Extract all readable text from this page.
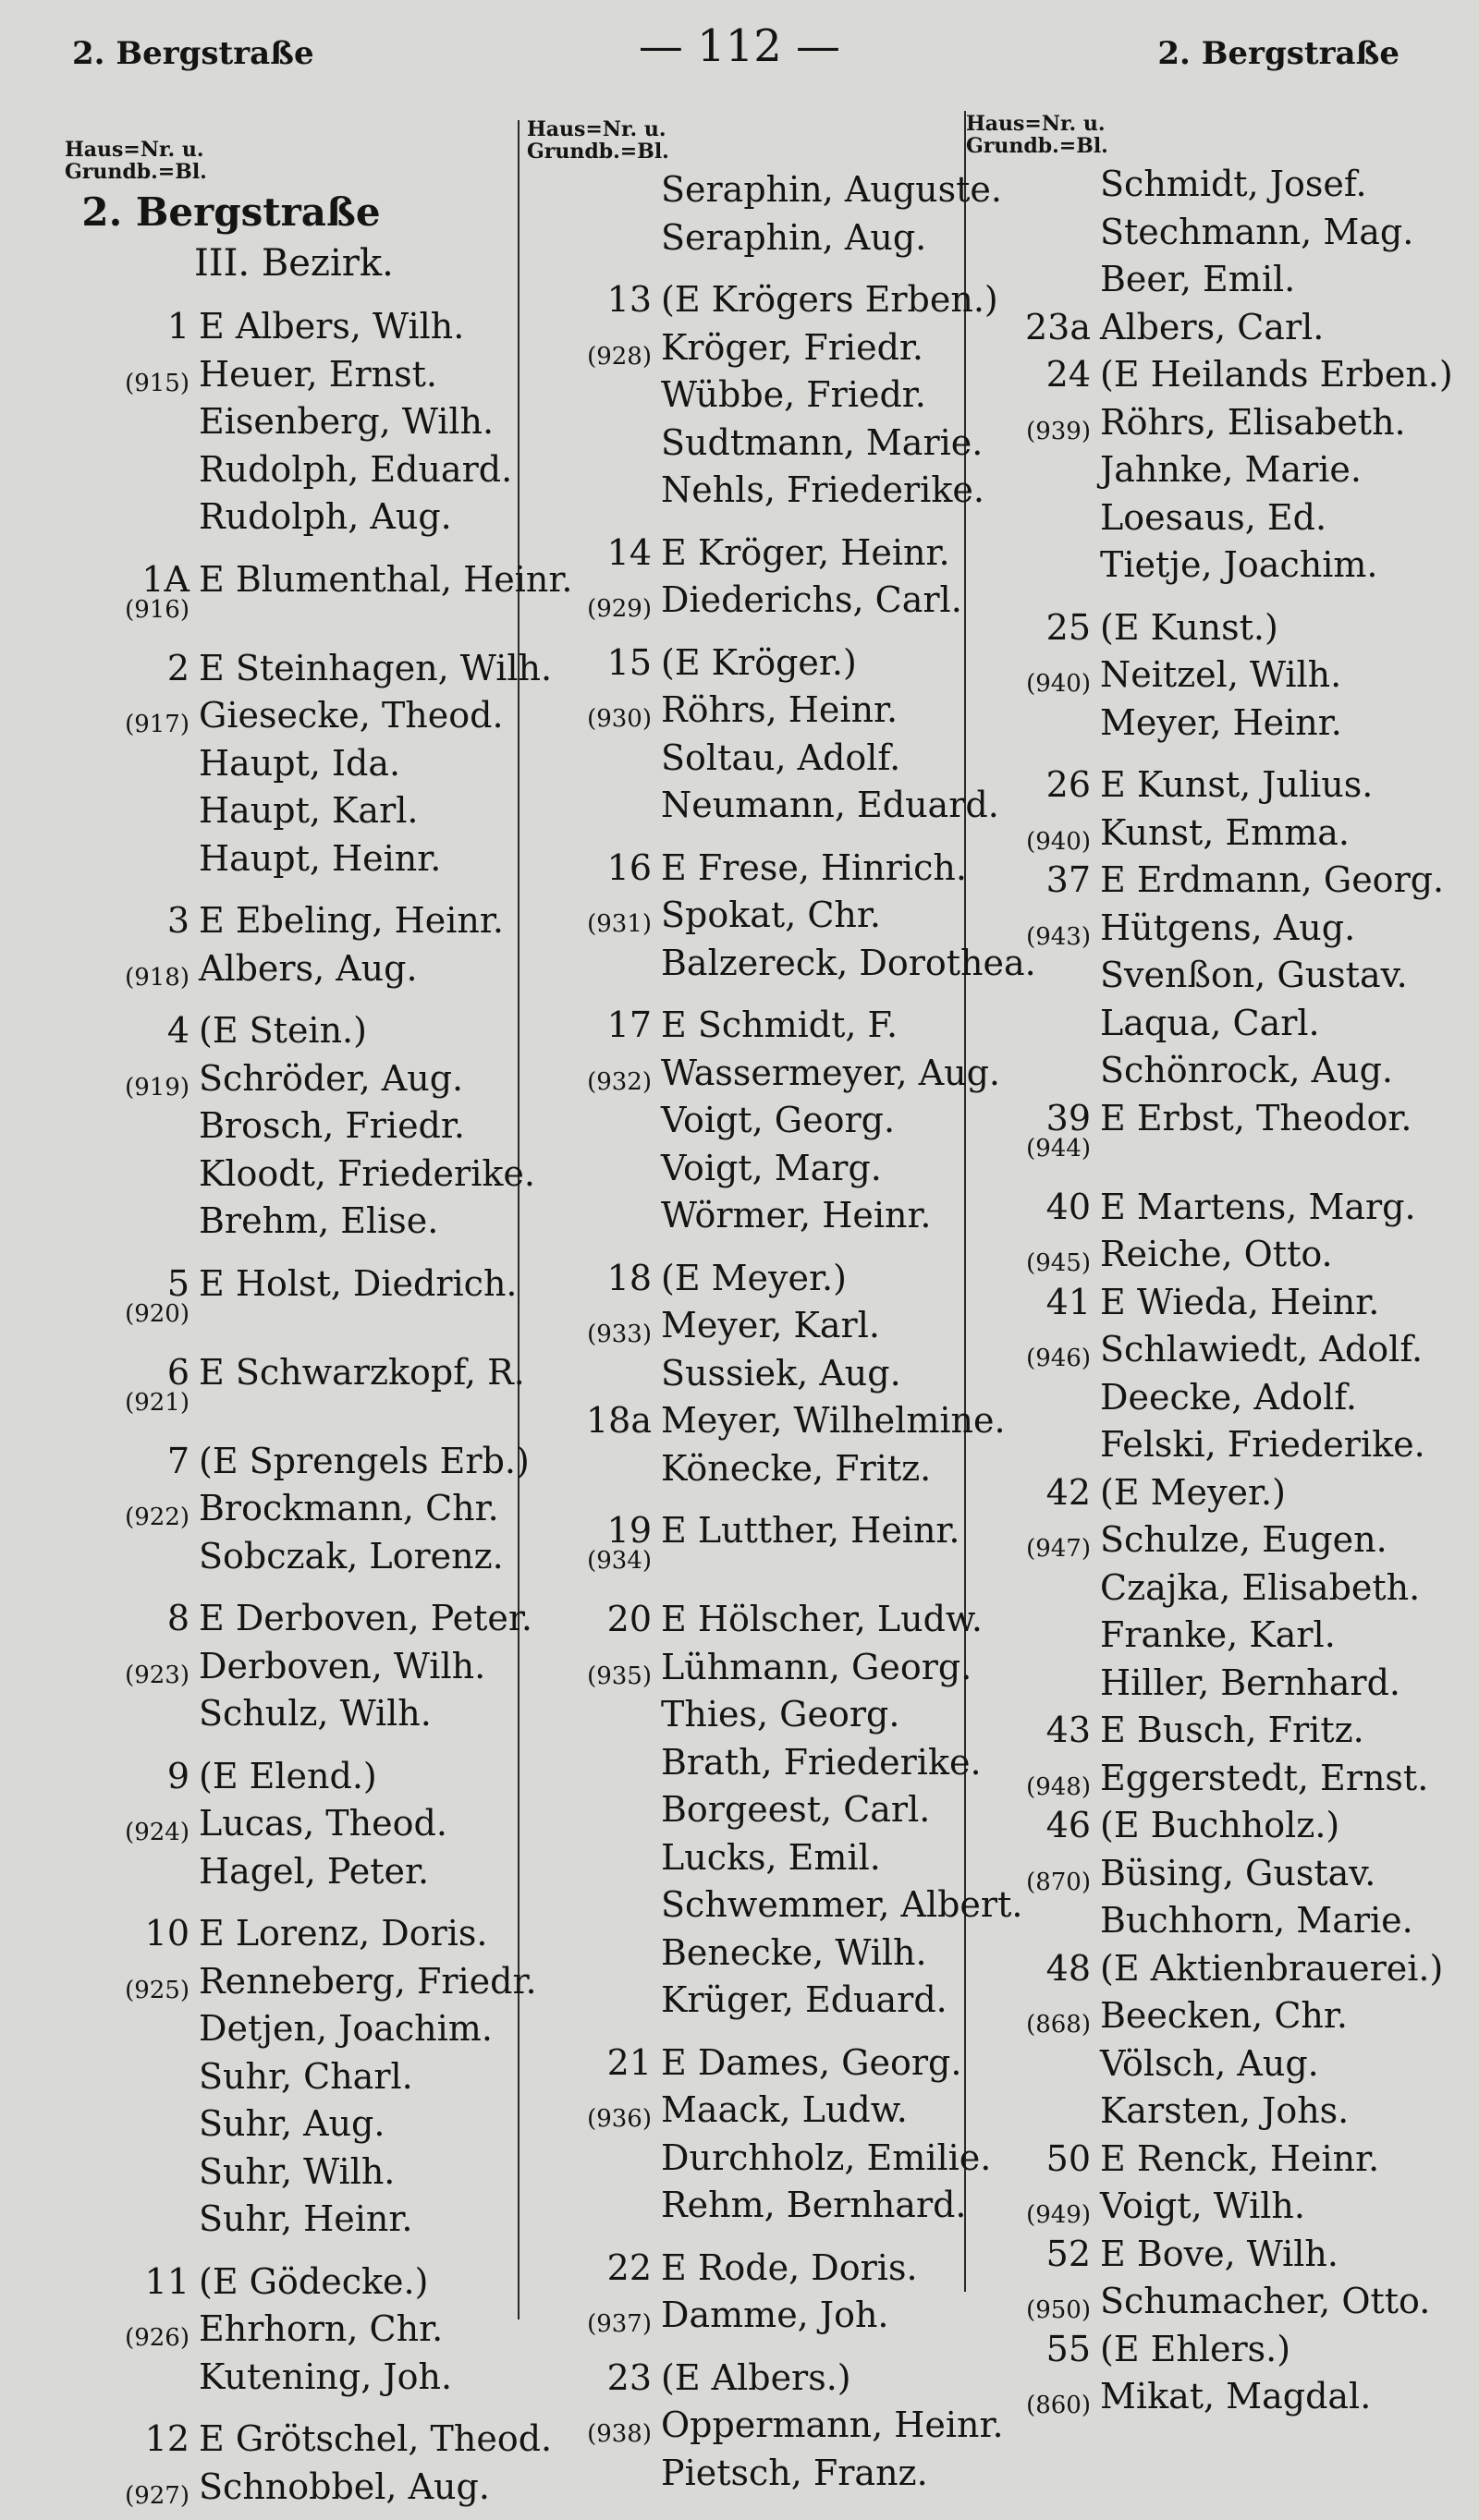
2. Bergstraße	— 112 —	2. Bergstraße
Haus=Nr. u.
Grundb.=Bl.
2. Bergstraße
III. Bezirk.
1 E Albers, Wilh.
(915) Heuer, Ernst.
Eisenberg, Wilh.
Rudolph, Eduard.
Rudolph, Aug.
1A E Blumenthal, Heinr.
(916)
2 E Steinhagen, Wilh.
(917) Giesecke, Theod.
Haupt, Ida.
Haupt, Karl.
Haupt, Heinr.
3 E Ebeling, Heinr.
(918) Albers, Aug.
4 (E Stein.)
(919) Schröder, Aug.
Brosch, Friedr.
Kloodt, Friederike.
Brehm, Elise.
5 E Holst, Diedrich.
(920)
6 E Schwarzkopf, R.
(921)
7 (E Sprengels Erb.)
(922) Brockmann, Chr.
Sobczak, Lorenz.
8 E Derboven, Peter.
(923) Derboven, Wilh.
Schulz, Wilh.
9 (E Elend.)
(924) Lucas, Theod.
Hagel, Peter.
10 E Lorenz, Doris.
(925) Renneberg, Friedr.
Detjen, Joachim.
Suhr, Charl.
Suhr, Aug.
Suhr, Wilh.
Suhr, Heinr.
11 (E Gödecke.)
(926) Ehrhorn, Chr.
Kutening, Joh.
12 E Grötschel, Theod.
(927) Schnobbel, Aug.
Haus=Nr. u.
Grundb.=Bl.
Seraphin, Auguste.
Seraphin, Aug.
13 (E Krögers Erben.)
(928) Kröger, Friedr.
Wübbe, Friedr.
Sudtmann, Marie.
Nehls, Friederike.
14 E Kröger, Heinr.
(929) Diederichs, Carl.
15 (E Kröger.)
(930) Röhrs, Heinr.
Soltau, Adolf.
Neumann, Eduard.
16 E Frese, Hinrich.
(931) Spokat, Chr.
Balzereck, Dorothea.
17 E Schmidt, F.
(932) Wassermeyer, Aug.
Voigt, Georg.
Voigt, Marg.
Wörmer, Heinr.
18 (E Meyer.)
(933) Meyer, Karl.
Sussiek, Aug.
18a Meyer, Wilhelmine.
Könecke, Fritz.
19 E Lutther, Heinr.
(934)
20 E Hölscher, Ludw.
(935) Lühmann, Georg.
Thies, Georg.
Brath, Friederike.
Borgeest, Carl.
Lucks, Emil.
Schwemmer, Albert.
Benecke, Wilh.
Krüger, Eduard.
21 E Dames, Georg.
(936) Maack, Ludw.
Durchholz, Emilie.
Rehm, Bernhard.
22 E Rode, Doris.
(937) Damme, Joh.
23 (E Albers.)
(938) Oppermann, Heinr.
Pietsch, Franz.
Haus=Nr. u.
Grundb.=Bl.
Schmidt, Josef.
Stechmann, Mag.
Beer, Emil.
23a Albers, Carl.
24 (E Heilands Erben.)
(939) Röhrs, Elisabeth.
Jahnke, Marie.
Loesaus, Ed.
Tietje, Joachim.
25 (E Kunst.)
(940) Neitzel, Wilh.
Meyer, Heinr.
26 E Kunst, Julius.
(940) Kunst, Emma.
37 E Erdmann, Georg.
(943) Hütgens, Aug.
Svenßon, Gustav.
Laqua, Carl.
Schönrock, Aug.
39 E Erbst, Theodor.
(944)
40 E Martens, Marg.
(945) Reiche, Otto.
41 E Wieda, Heinr.
(946) Schlawiedt, Adolf.
Deecke, Adolf.
Felski, Friederike.
42 (E Meyer.)
(947) Schulze, Eugen.
Czajka, Elisabeth.
Franke, Karl.
Hiller, Bernhard.
43 E Busch, Fritz.
(948) Eggerstedt, Ernst.
46 (E Buchholz.)
(870) Büsing, Gustav.
Buchhorn, Marie.
48 (E Aktienbrauerei.)
(868) Beecken, Chr.
Völsch, Aug.
Karsten, Johs.
50 E Renck, Heinr.
(949) Voigt, Wilh.
52 E Bove, Wilh.
(950) Schumacher, Otto.
55 (E Ehlers.)
(860) Mikat, Magdal.
